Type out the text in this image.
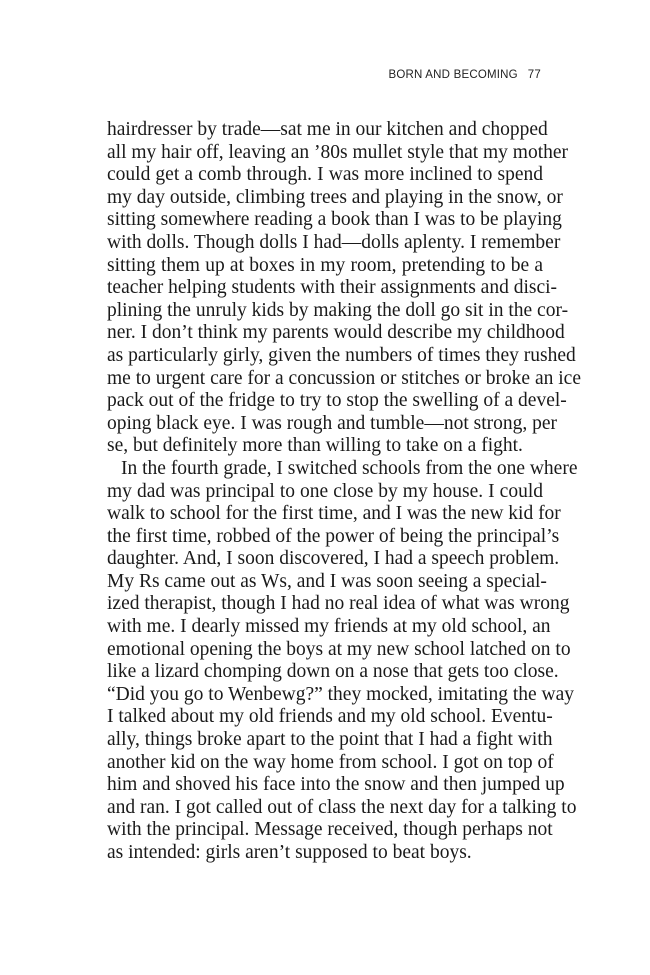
BORN AND BECOMING 77
hairdresser by trade—sat me in our kitchen and chopped
all my hair off, leaving an ’80s mullet style that my mother
could get a comb through. I was more inclined to spend
my day outside, climbing trees and playing in the snow, or
sitting somewhere reading a book than I was to be playing
with dolls. Though dolls I had—dolls aplenty. I remember
sitting them up at boxes in my room, pretending to be a
teacher helping students with their assignments and disci-
plining the unruly kids by making the doll go sit in the cor-
ner. I don’t think my parents would describe my childhood
as particularly girly, given the numbers of times they rushed
me to urgent care for a concussion or stitches or broke an ice
pack out of the fridge to try to stop the swelling of a devel-
oping black eye. I was rough and tumble—not strong, per
se, but definitely more than willing to take on a fight.
In the fourth grade, I switched schools from the one where
my dad was principal to one close by my house. I could
walk to school for the first time, and I was the new kid for
the first time, robbed of the power of being the principal’s
daughter. And, I soon discovered, I had a speech problem.
My Rs came out as Ws, and I was soon seeing a special-
ized therapist, though I had no real idea of what was wrong
with me. I dearly missed my friends at my old school, an
emotional opening the boys at my new school latched on to
like a lizard chomping down on a nose that gets too close.
“Did you go to Wenbewg?” they mocked, imitating the way
I talked about my old friends and my old school. Eventu-
ally, things broke apart to the point that I had a fight with
another kid on the way home from school. I got on top of
him and shoved his face into the snow and then jumped up
and ran. I got called out of class the next day for a talking to
with the principal. Message received, though perhaps not
as intended: girls aren’t supposed to beat boys.
